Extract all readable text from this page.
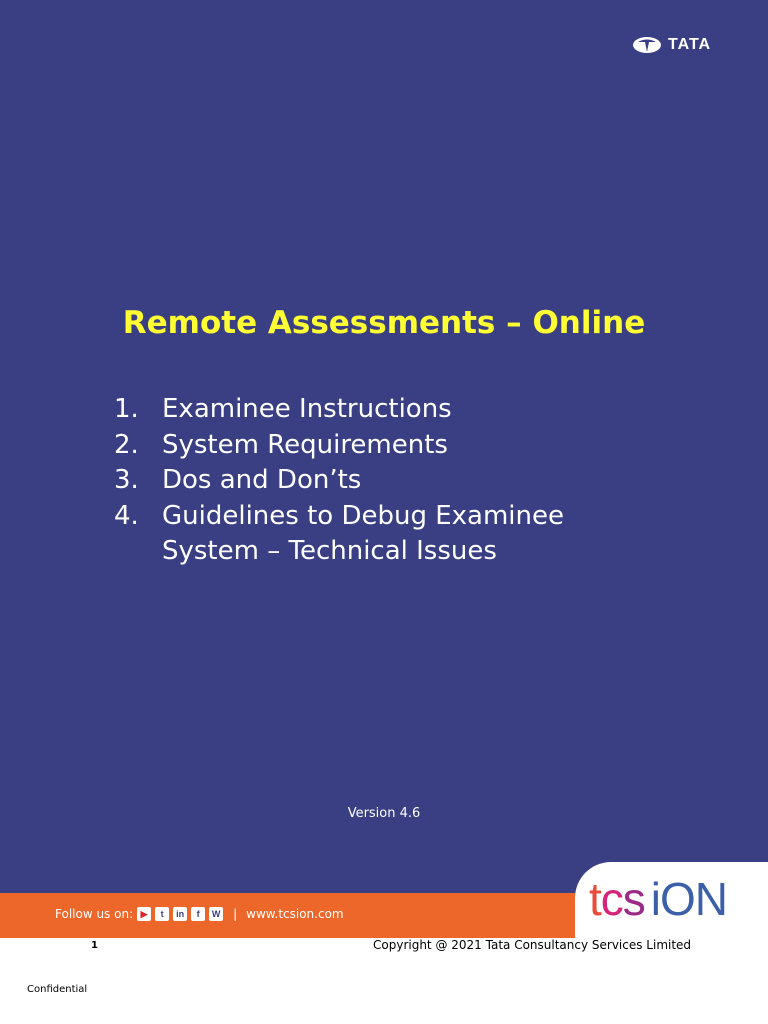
TATA
Remote Assessments – Online
1. Examinee Instructions
2. System Requirements
3. Dos and Don’ts
4. Guidelines to Debug Examinee System – Technical Issues
Version 4.6
Follow us on: ▶	t	in	f	W | www.tcsion.com	tcs iON
1	Copyright @ 2021 Tata Consultancy Services Limited
Confidential
